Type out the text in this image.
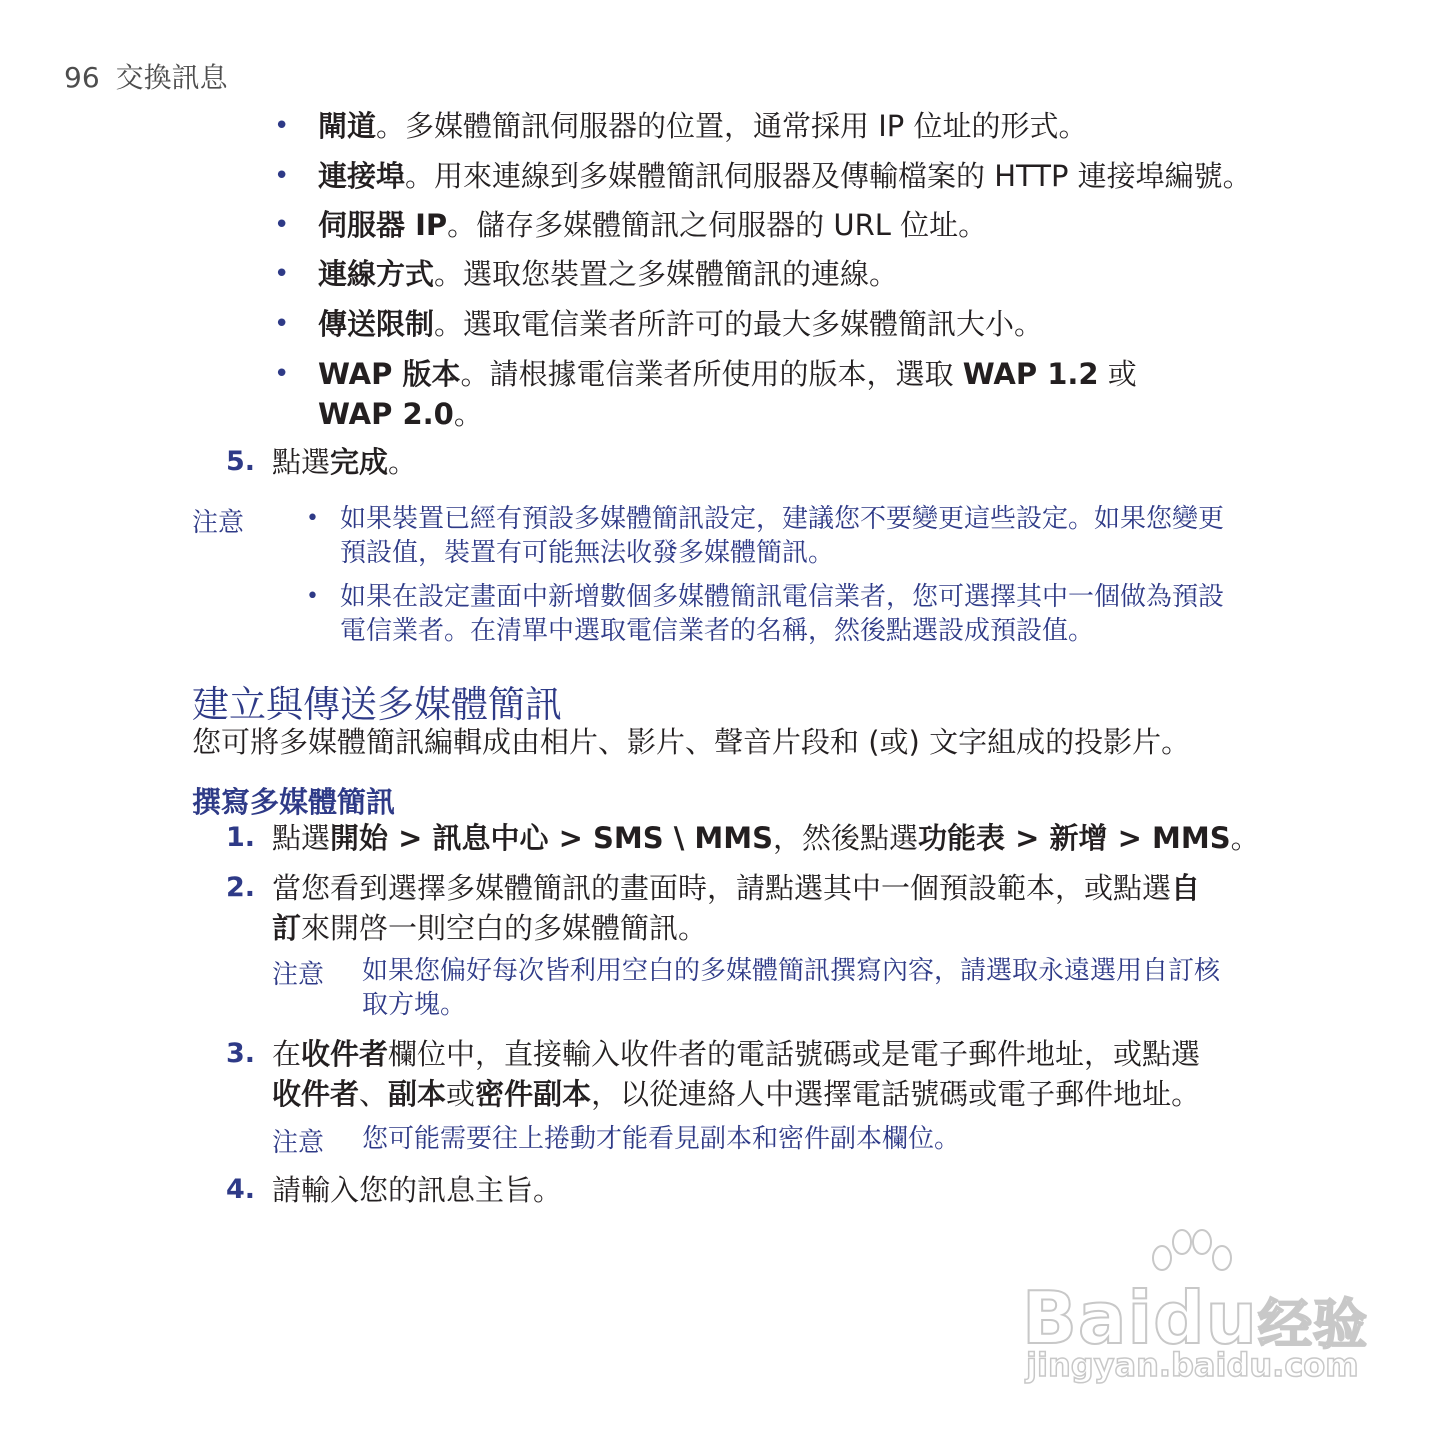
96 交換訊息
• 閘道。多媒體簡訊伺服器的位置，通常採用 IP 位址的形式。
• 連接埠。用來連線到多媒體簡訊伺服器及傳輸檔案的 HTTP 連接埠編號。
• 伺服器 IP。儲存多媒體簡訊之伺服器的 URL 位址。
• 連線方式。選取您裝置之多媒體簡訊的連線。
• 傳送限制。選取電信業者所許可的最大多媒體簡訊大小。
• WAP 版本。請根據電信業者所使用的版本，選取 WAP 1.2 或
WAP 2.0。
5. 點選完成。
注意	• 如果裝置已經有預設多媒體簡訊設定，建議您不要變更這些設定。如果您變更
預設值，裝置有可能無法收發多媒體簡訊。
• 如果在設定畫面中新增數個多媒體簡訊電信業者，您可選擇其中一個做為預設
電信業者。在清單中選取電信業者的名稱，然後點選設成預設值。
建立與傳送多媒體簡訊
您可將多媒體簡訊編輯成由相片、影片、聲音片段和 (或) 文字組成的投影片。
撰寫多媒體簡訊
1. 點選開始 > 訊息中心 > SMS \ MMS，然後點選功能表 > 新增 > MMS。
2. 當您看到選擇多媒體簡訊的畫面時，請點選其中一個預設範本，或點選自
訂來開啓一則空白的多媒體簡訊。
注意 如果您偏好每次皆利用空白的多媒體簡訊撰寫內容，請選取永遠選用自訂核
取方塊。
3. 在收件者欄位中，直接輸入收件者的電話號碼或是電子郵件地址，或點選
收件者、副本或密件副本，以從連絡人中選擇電話號碼或電子郵件地址。
注意 您可能需要往上捲動才能看見副本和密件副本欄位。
4. 請輸入您的訊息主旨。
Baidu经验
jingyan.baidu.com
